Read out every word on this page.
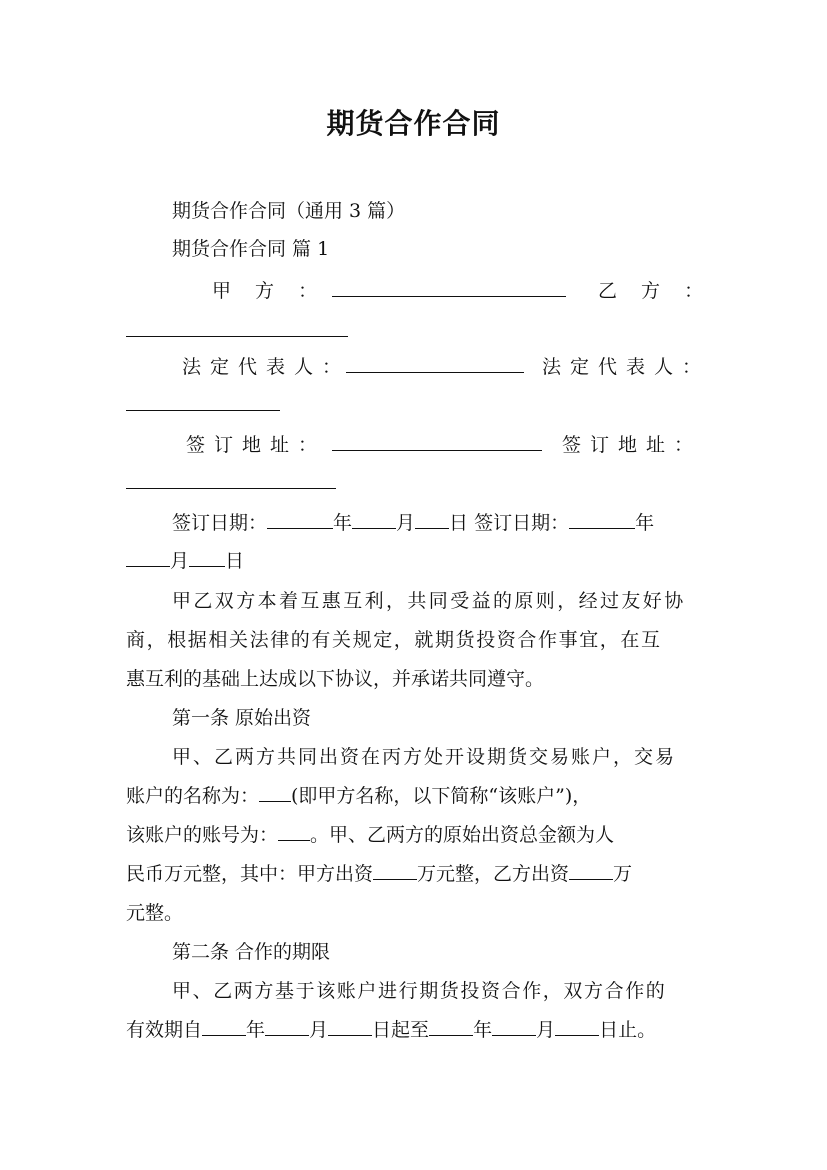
期货合作合同
期货合作合同（通用 3 篇）
期货合作合同 篇 1
甲 方 ：	乙 方 ：
法定代表人：	法定代表人：
签订地址：	签订地址：
签订日期：	年 月 日 签订日期：	年
月 日
甲乙双方本着互惠互利，共同受益的原则，经过友好协
商，根据相关法律的有关规定，就期货投资合作事宜，在互
惠互利的基础上达成以下协议，并承诺共同遵守。
第一条 原始出资
甲、乙两方共同出资在丙方处开设期货交易账户，交易
账户的名称为： (即甲方名称，以下简称“该账户”)，
该账户的账号为： 。甲、乙两方的原始出资总金额为人
民币万元整，其中：甲方出资 万元整，乙方出资 万
元整。
第二条 合作的期限
甲、乙两方基于该账户进行期货投资合作，双方合作的
有效期自 年 月 日起至 年 月 日止。
